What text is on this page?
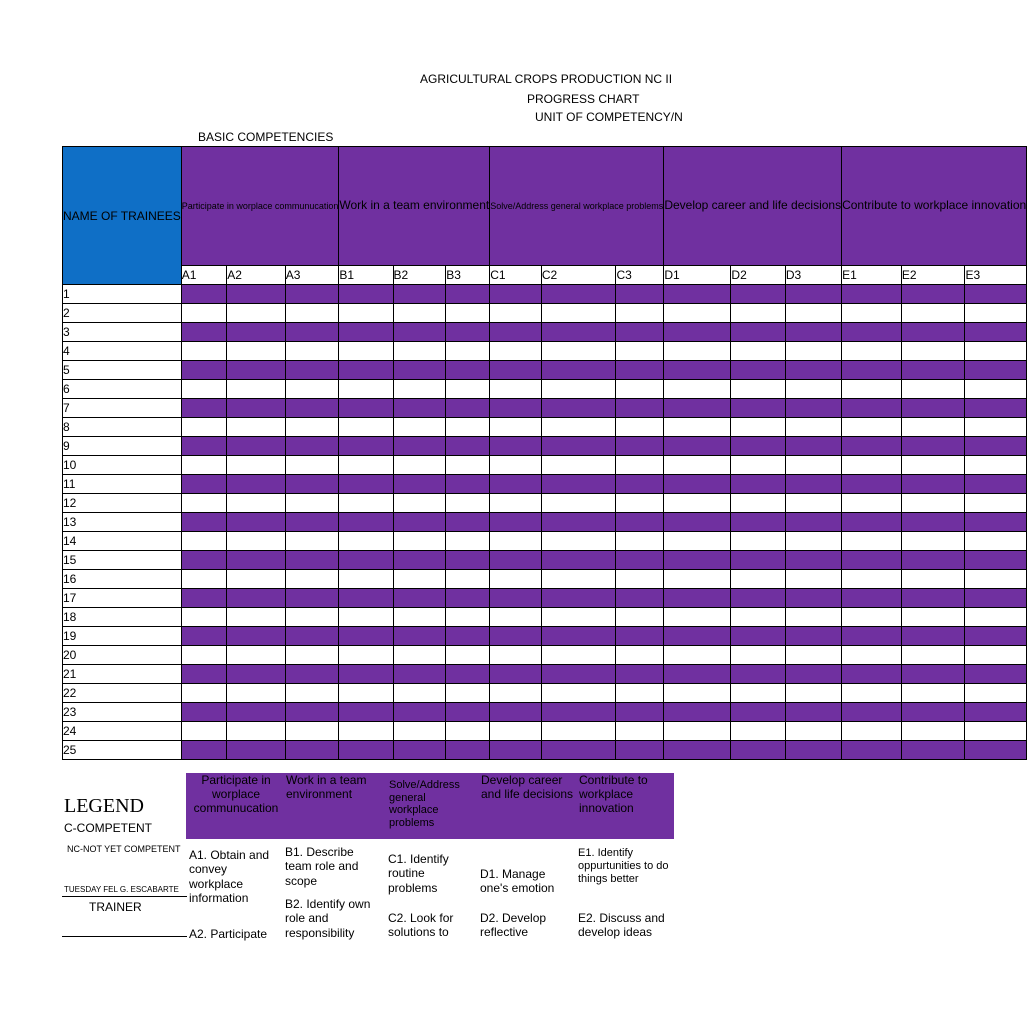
AGRICULTURAL CROPS PRODUCTION NC II
PROGRESS CHART
UNIT OF COMPETENCY/N
BASIC COMPETENCIES
NAME OF TRAINEES	Participate in worplace communucation			Work in a team environment			Solve/Address general workplace problems			Develop career and life decisions			Contribute to workplace innovation		
	A1	A2	A3	B1	B2	B3	C1	C2	C3	D1	D2	D3	E1	E2	E3
1															
2															
3															
4															
5															
6															
7															
8															
9															
10															
11															
12															
13															
14															
15															
16															
17															
18															
19															
20															
21															
22															
23															
24															
25															
Participate in worplace communucation
Work in a team environment
Solve/Address general workplace problems
Develop career and life decisions
Contribute to workplace innovation
LEGEND
C-COMPETENT
NC-NOT YET COMPETENT
TUESDAY FEL G. ESCABARTE
TRAINER
A1. Obtain and convey workplace information
A2. Participate
B1. Describe team role and scope
B2. Identify own role and responsibility
C1. Identify routine problems
C2. Look for solutions to
D1. Manage one's emotion
D2. Develop reflective
E1. Identify oppurtunities to do things better
E2. Discuss and develop ideas
